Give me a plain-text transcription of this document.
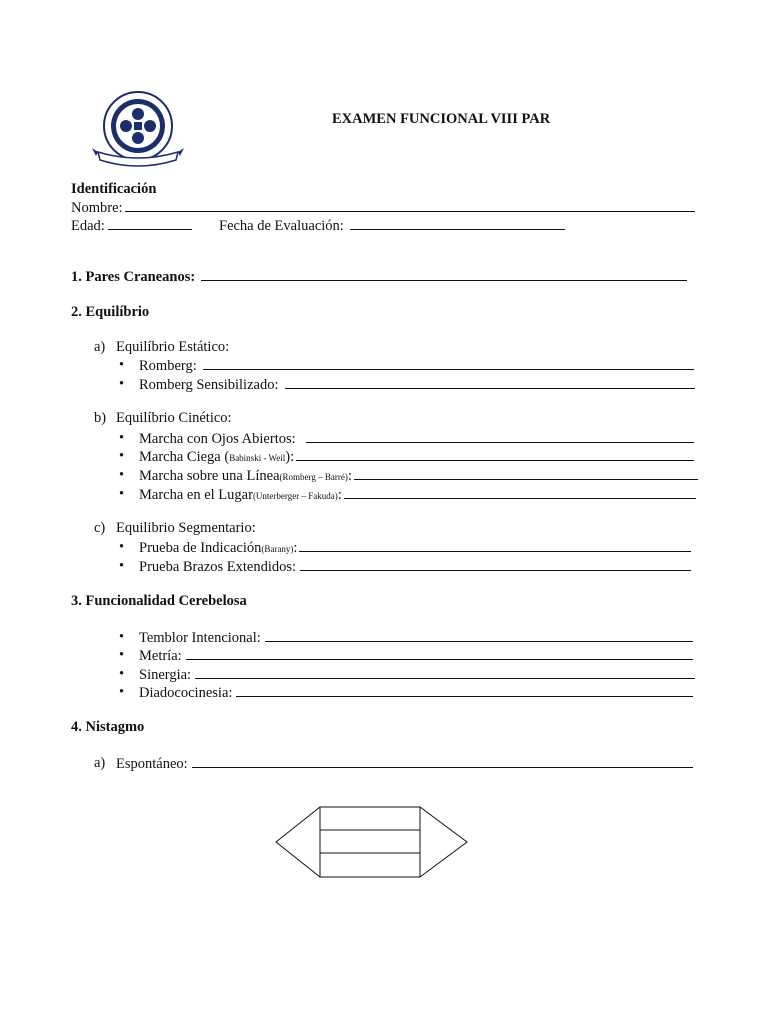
EXAMEN FUNCIONAL VIII PAR
Identificación
Nombre:
Edad:	Fecha de Evaluación:
1. Pares Craneanos:
2. Equilíbrio
a) Equilíbrio Estático:
• Romberg:
• Romberg Sensibilizado:
b) Equilíbrio Cinético:
• Marcha con Ojos Abiertos:
• Marcha Ciega ( Babinski - Weil ):
• Marcha sobre una Línea (Romberg – Barré) :
• Marcha en el Lugar (Unterberger – Fakuda) :
c) Equilibrio Segmentario:
• Prueba de Indicación (Barany) :
• Prueba Brazos Extendidos:
3. Funcionalidad Cerebelosa
• Temblor Intencional:
• Metría:
• Sinergia:
• Diadococinesia:
4. Nistagmo
a) Espontáneo:
